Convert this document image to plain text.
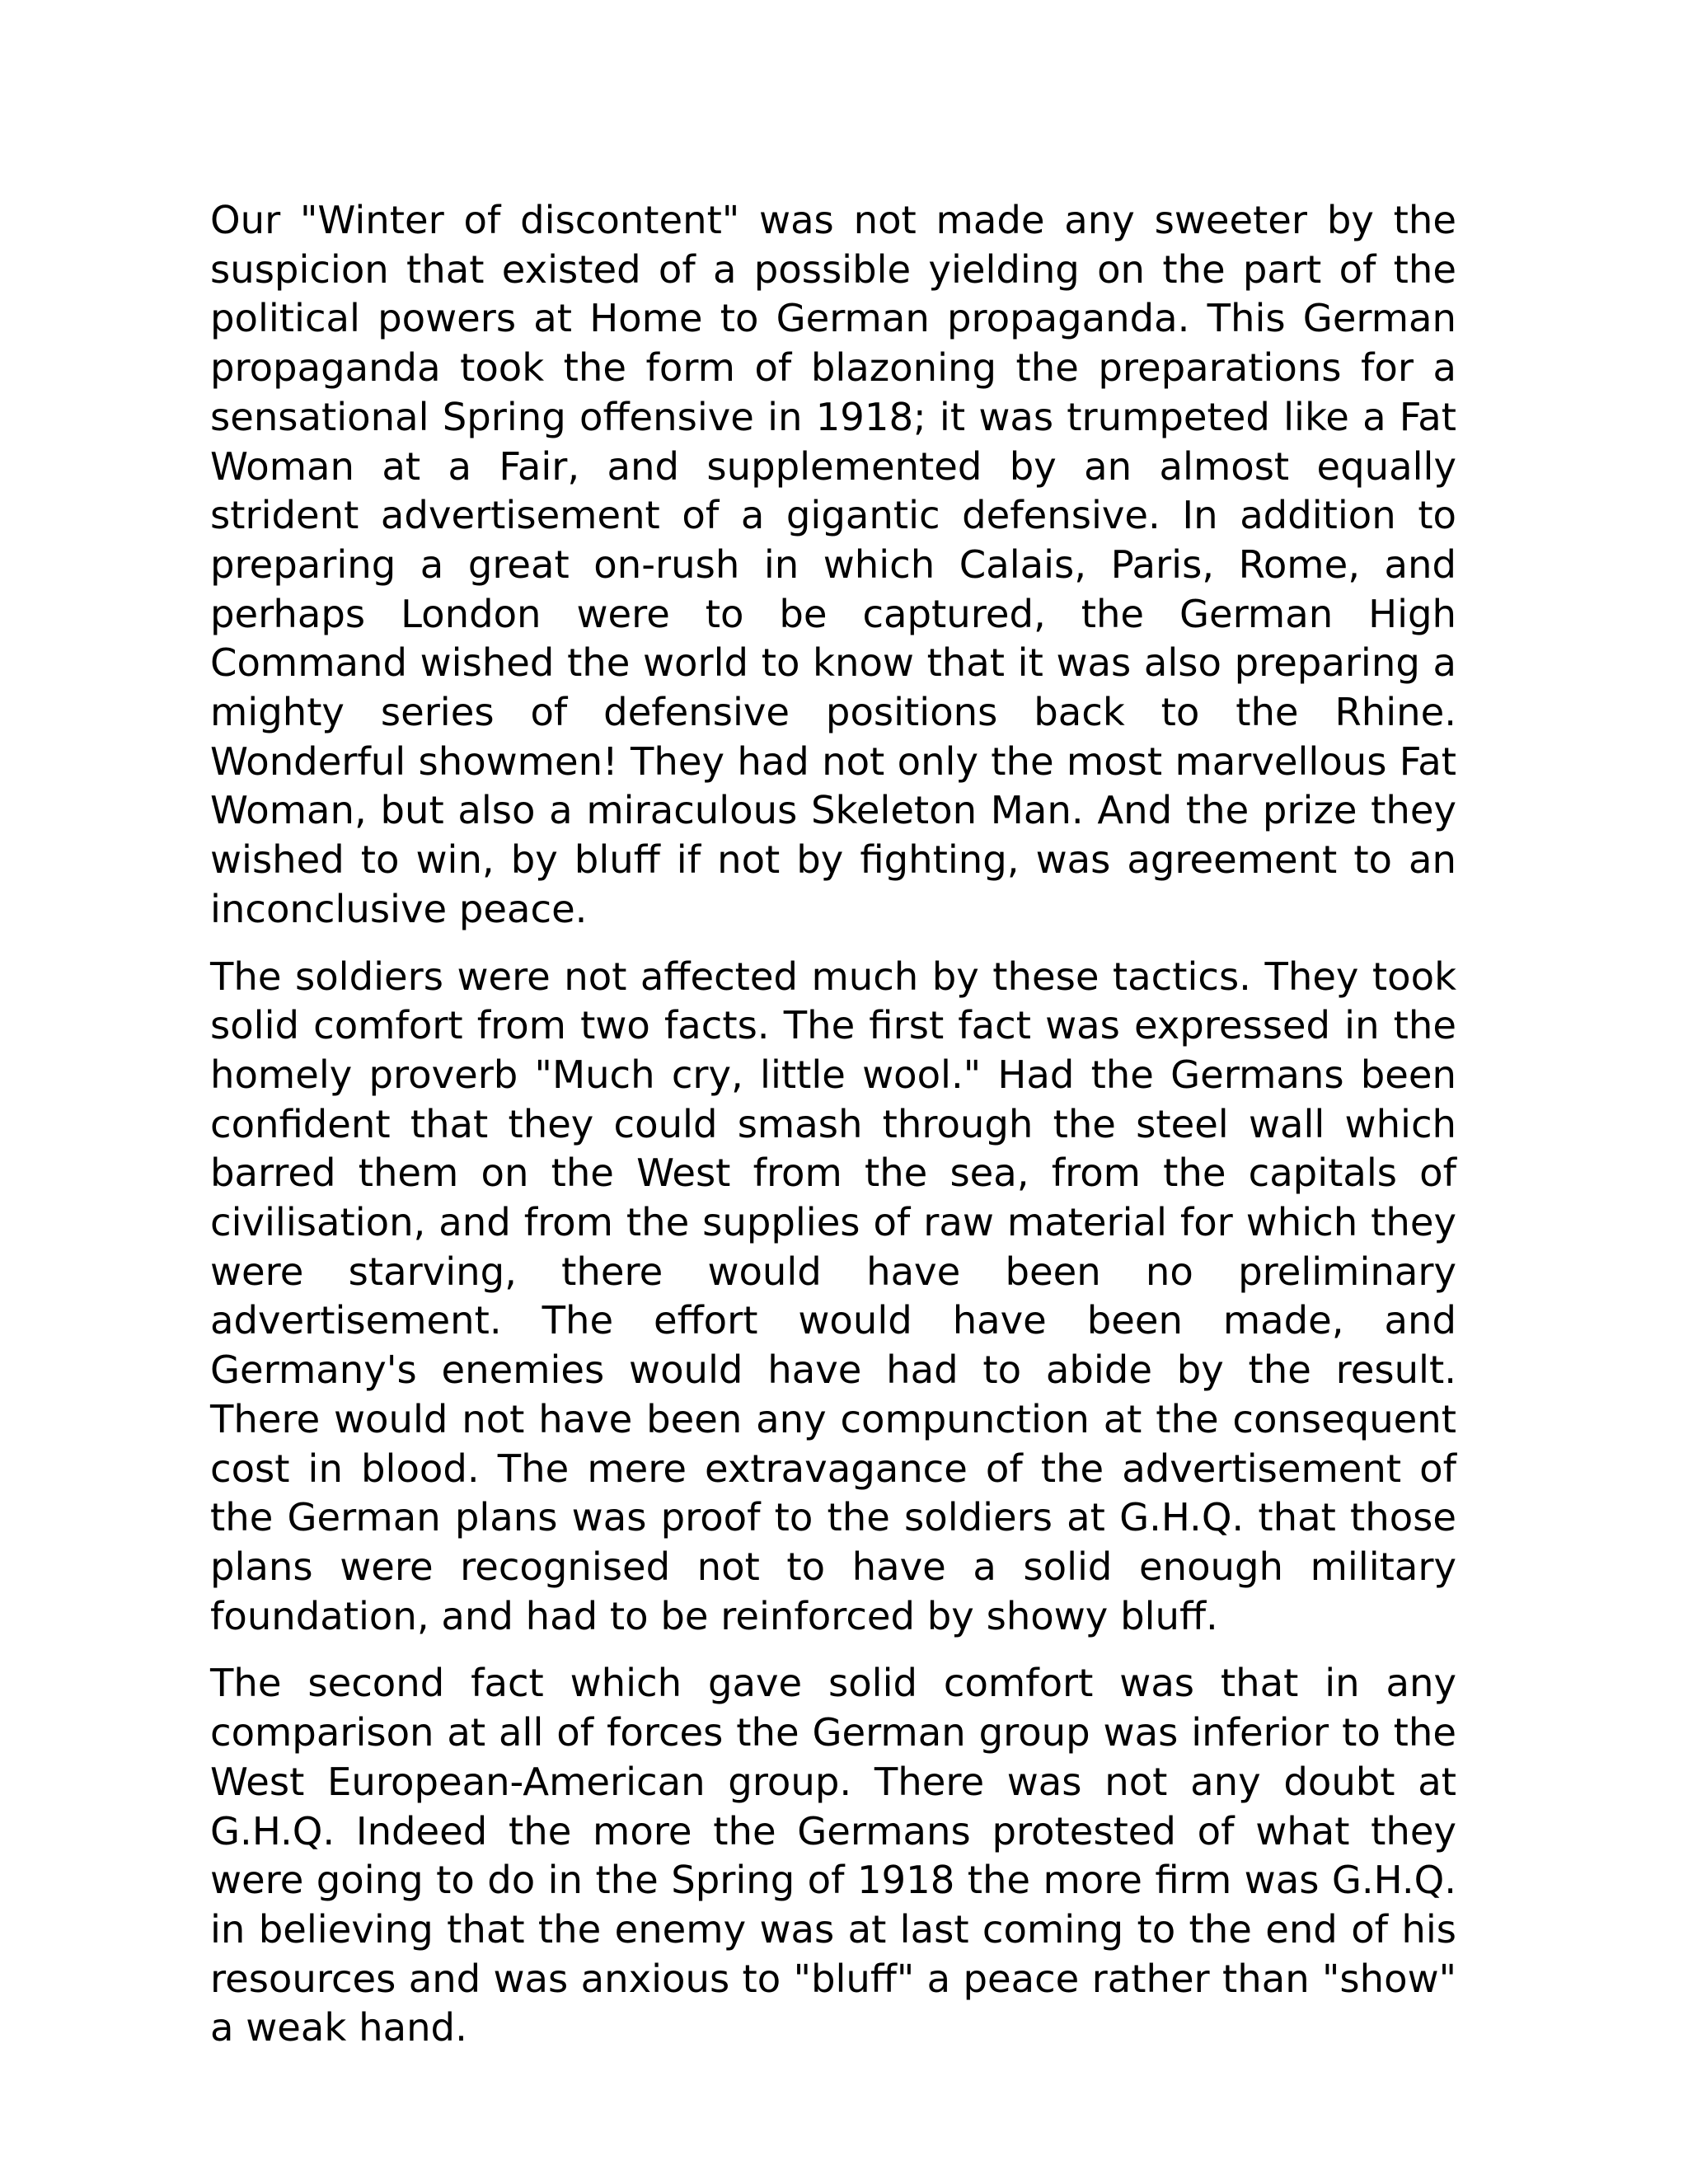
Our "Winter of discontent" was not made any sweeter by the suspicion that existed of a possible yielding on the part of the political powers at Home to German propaganda. This German propaganda took the form of blazoning the preparations for a sensational Spring offensive in 1918; it was trumpeted like a Fat Woman at a Fair, and supplemented by an almost equally strident advertisement of a gigantic defensive. In addition to preparing a great on-rush in which Calais, Paris, Rome, and perhaps London were to be captured, the German High Command wished the world to know that it was also preparing a mighty series of defensive positions back to the Rhine. Wonderful showmen! They had not only the most marvellous Fat Woman, but also a miraculous Skeleton Man. And the prize they wished to win, by bluff if not by fighting, was agreement to an inconclusive peace.

The soldiers were not affected much by these tactics. They took solid comfort from two facts. The first fact was expressed in the homely proverb "Much cry, little wool." Had the Germans been confident that they could smash through the steel wall which barred them on the West from the sea, from the capitals of civilisation, and from the supplies of raw material for which they were starving, there would have been no preliminary advertisement. The effort would have been made, and Germany's enemies would have had to abide by the result. There would not have been any compunction at the consequent cost in blood. The mere extravagance of the advertisement of the German plans was proof to the soldiers at G.H.Q. that those plans were recognised not to have a solid enough military foundation, and had to be reinforced by showy bluff.

The second fact which gave solid comfort was that in any comparison at all of forces the German group was inferior to the West European-American group. There was not any doubt at G.H.Q. Indeed the more the Germans protested of what they were going to do in the Spring of 1918 the more firm was G.H.Q. in believing that the enemy was at last coming to the end of his resources and was anxious to "bluff" a peace rather than "show" a weak hand.
